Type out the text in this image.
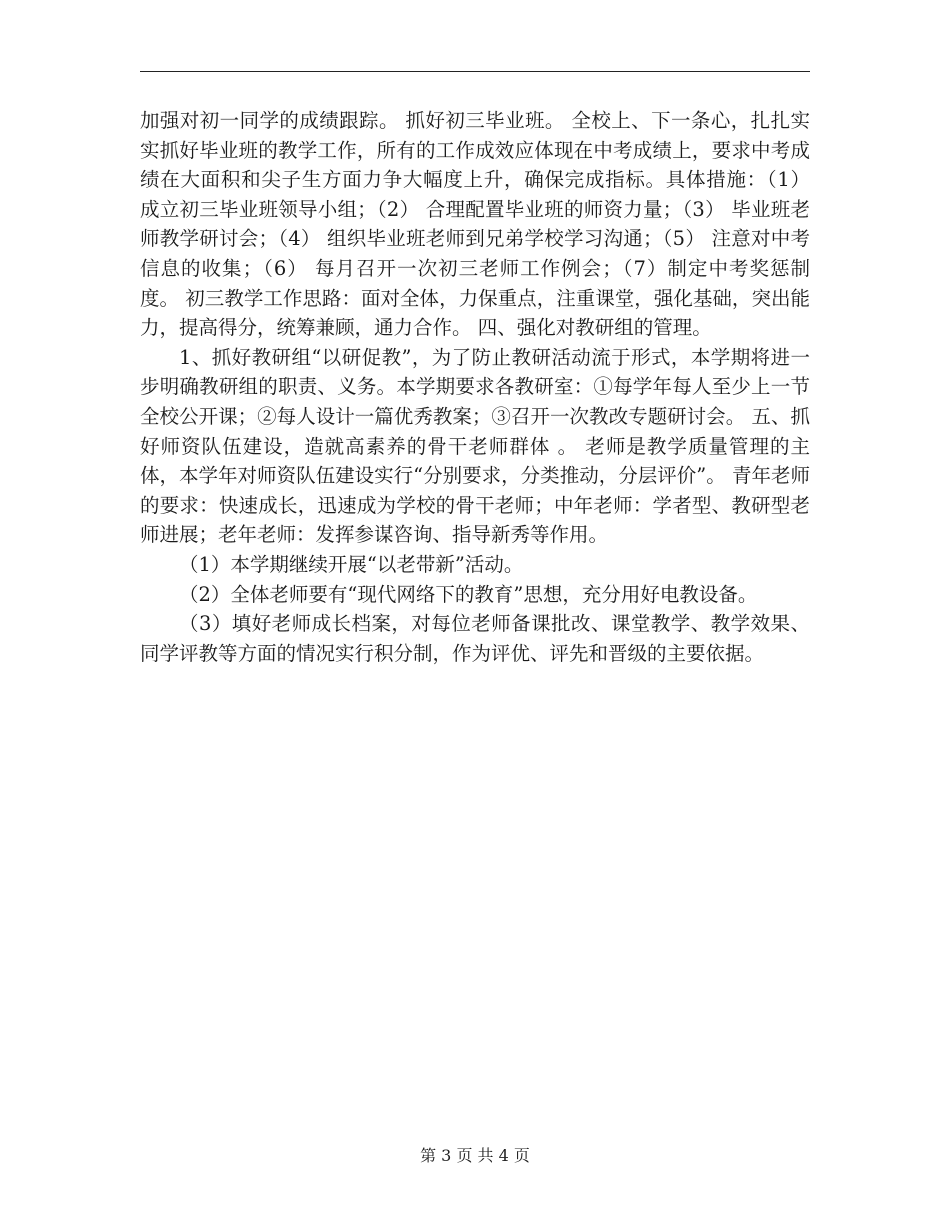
加强对初一同学的成绩跟踪。 抓好初三毕业班。 全校上、下一条心，扎扎实实抓好毕业班的教学工作，所有的工作成效应体现在中考成绩上，要求中考成绩在大面积和尖子生方面力争大幅度上升，确保完成指标。具体措施：（1） 成立初三毕业班领导小组；（2） 合理配置毕业班的师资力量；（3） 毕业班老师教学研讨会；（4） 组织毕业班老师到兄弟学校学习沟通；（5） 注意对中考信息的收集；（6） 每月召开一次初三老师工作例会；（7）制定中考奖惩制度。 初三教学工作思路：面对全体，力保重点，注重课堂，强化基础，突出能力，提高得分，统筹兼顾，通力合作。 四、强化对教研组的管理。

1、抓好教研组“以研促教”，为了防止教研活动流于形式，本学期将进一步明确教研组的职责、义务。本学期要求各教研室：①每学年每人至少上一节全校公开课；②每人设计一篇优秀教案；③召开一次教改专题研讨会。 五、抓好师资队伍建设，造就高素养的骨干老师群体 。 老师是教学质量管理的主体，本学年对师资队伍建设实行“分别要求，分类推动，分层评价”。 青年老师的要求：快速成长，迅速成为学校的骨干老师；中年老师：学者型、教研型老师进展；老年老师：发挥参谋咨询、指导新秀等作用。

（1）本学期继续开展“以老带新”活动。

（2）全体老师要有“现代网络下的教育”思想，充分用好电教设备。

（3）填好老师成长档案，对每位老师备课批改、课堂教学、教学效果、同学评教等方面的情况实行积分制，作为评优、评先和晋级的主要依据。

第 3 页 共 4 页
